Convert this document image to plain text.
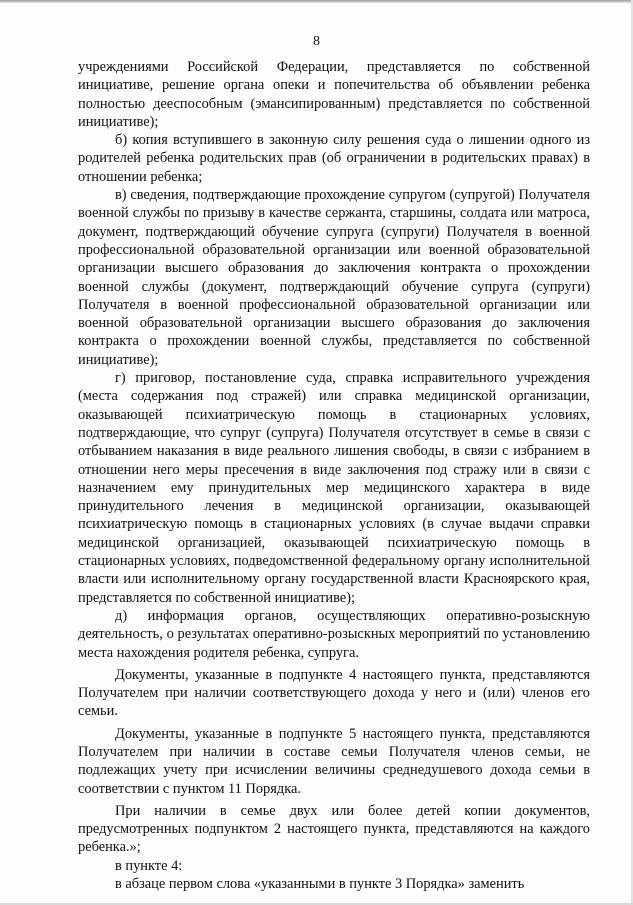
8

учреждениями Российской Федерации, представляется по собственной инициативе, решение органа опеки и попечительства об объявлении ребенка полностью дееспособным (эмансипированным) представляется по собственной инициативе);

б) копия вступившего в законную силу решения суда о лишении одного из родителей ребенка родительских прав (об ограничении в родительских правах) в отношении ребенка;

в) сведения, подтверждающие прохождение супругом (супругой) Получателя военной службы по призыву в качестве сержанта, старшины, солдата или матроса, документ, подтверждающий обучение супруга (супруги) Получателя в военной профессиональной образовательной организации или военной образовательной организации высшего образования до заключения контракта о прохождении военной службы (документ, подтверждающий обучение супруга (супруги) Получателя в военной профессиональной образовательной организации или военной образовательной организации высшего образования до заключения контракта о прохождении военной службы, представляется по собственной инициативе);

г) приговор, постановление суда, справка исправительного учреждения (места содержания под стражей) или справка медицинской организации, оказывающей психиатрическую помощь в стационарных условиях, подтверждающие, что супруг (супруга) Получателя отсутствует в семье в связи с отбыванием наказания в виде реального лишения свободы, в связи с избранием в отношении него меры пресечения в виде заключения под стражу или в связи с назначением ему принудительных мер медицинского характера в виде принудительного лечения в медицинской организации, оказывающей психиатрическую помощь в стационарных условиях (в случае выдачи справки медицинской организацией, оказывающей психиатрическую помощь в стационарных условиях, подведомственной федеральному органу исполнительной власти или исполнительному органу государственной власти Красноярского края, представляется по собственной инициативе);

д) информация органов, осуществляющих оперативно-розыскную деятельность, о результатах оперативно-розыскных мероприятий по установлению места нахождения родителя ребенка, супруга.

Документы, указанные в подпункте 4 настоящего пункта, представляются Получателем при наличии соответствующего дохода у него и (или) членов его семьи.

Документы, указанные в подпункте 5 настоящего пункта, представляются Получателем при наличии в составе семьи Получателя членов семьи, не подлежащих учету при исчислении величины среднедушевого дохода семьи в соответствии с пунктом 11 Порядка.

При наличии в семье двух или более детей копии документов, предусмотренных подпунктом 2 настоящего пункта, представляются на каждого ребенка.»;

в пункте 4:

в абзаце первом слова «указанными в пункте 3 Порядка» заменить
